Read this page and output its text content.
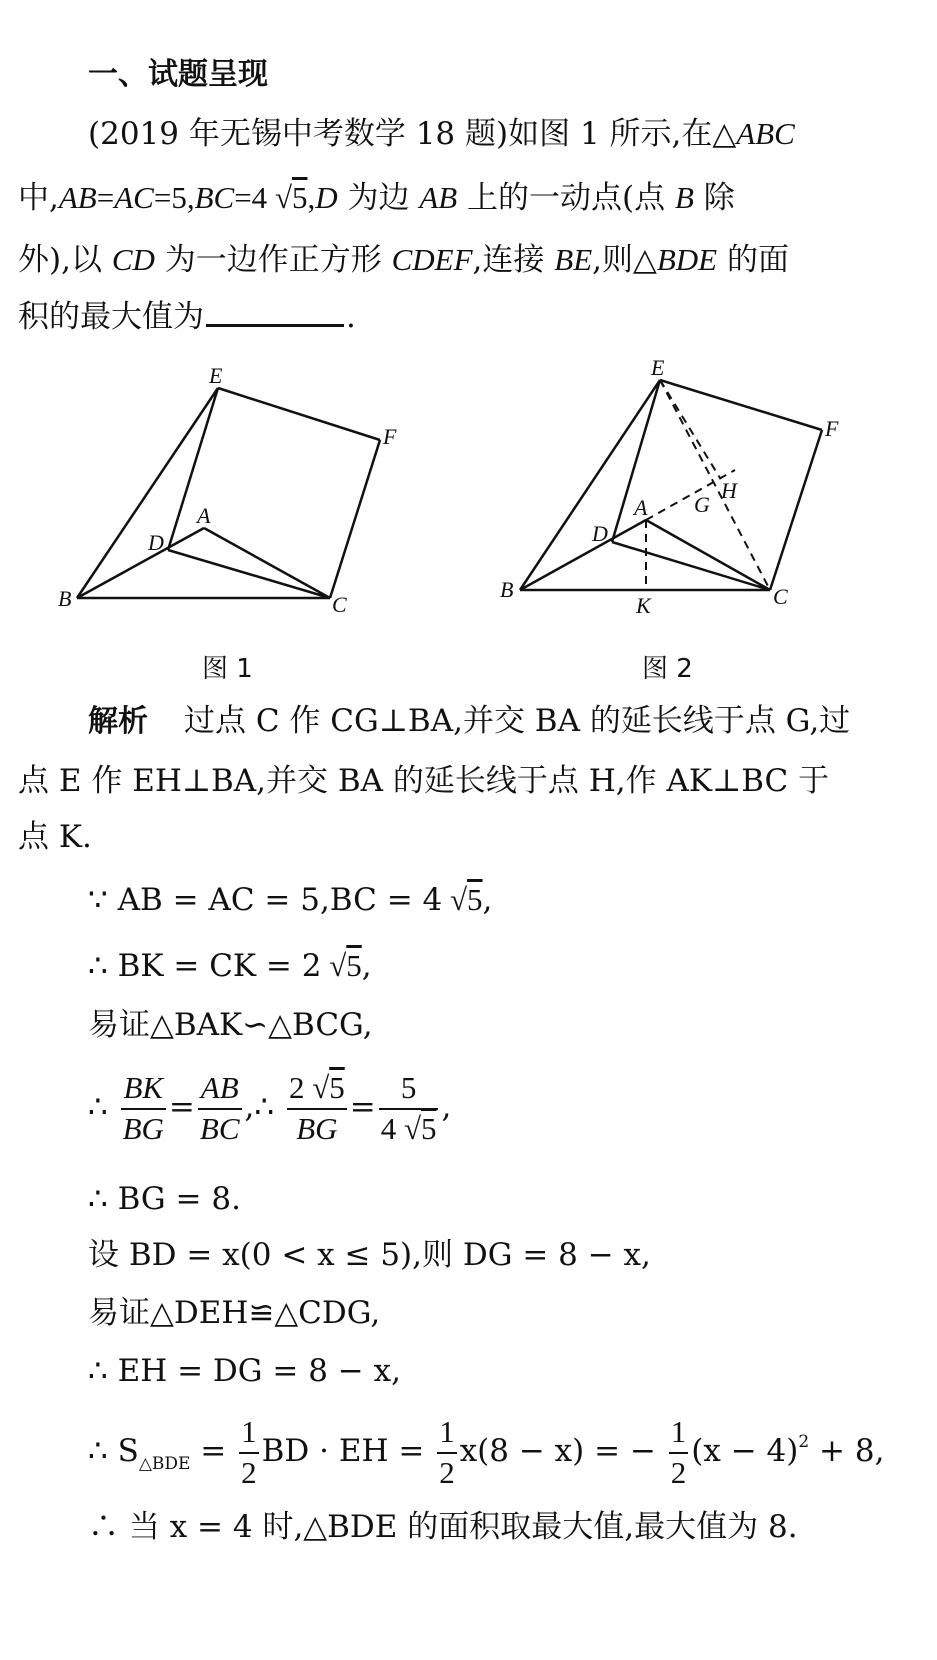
一、试题呈现
(2019 年无锡中考数学 18 题)如图 1 所示,在△ABC
中,AB=AC=5,BC=4 √5,D 为边 AB 上的一动点(点 B 除
外),以 CD 为一边作正方形 CDEF,连接 BE,则△BDE 的面
积的最大值为	.
E
F
A
D
B	C
图 1
E
F
H
G
A
D
B
K	C
图 2
解析 过点 C 作 CG⊥BA,并交 BA 的延长线于点 G,过
点 E 作 EH⊥BA,并交 BA 的延长线于点 H,作 AK⊥BC 于
点 K.
∵ AB = AC = 5,BC = 4 √5,
∴ BK = CK = 2 √5,
易证△BAK∽△BCG,
∴ $\frac{BK}{BG} = \frac{AB}{BC}$ ,∴ $\frac{2 √5}{BG} = \frac{5}{4 √5}$ ,
∴ BG = 8.
设 BD = x(0 < x ≤ 5),则 DG = 8 − x,
易证△DEH≌△CDG,
∴ EH = DG = 8 − x,
∴ $S_{\triangle BDE} = \frac{1}{2}$ BD · EH = $\frac{1}{2} x(8 - x)$ = − $\frac{1}{2} (x - 4)^2 + 8$,
∴ 当 x = 4 时,△BDE 的面积取最大值,最大值为 8.
